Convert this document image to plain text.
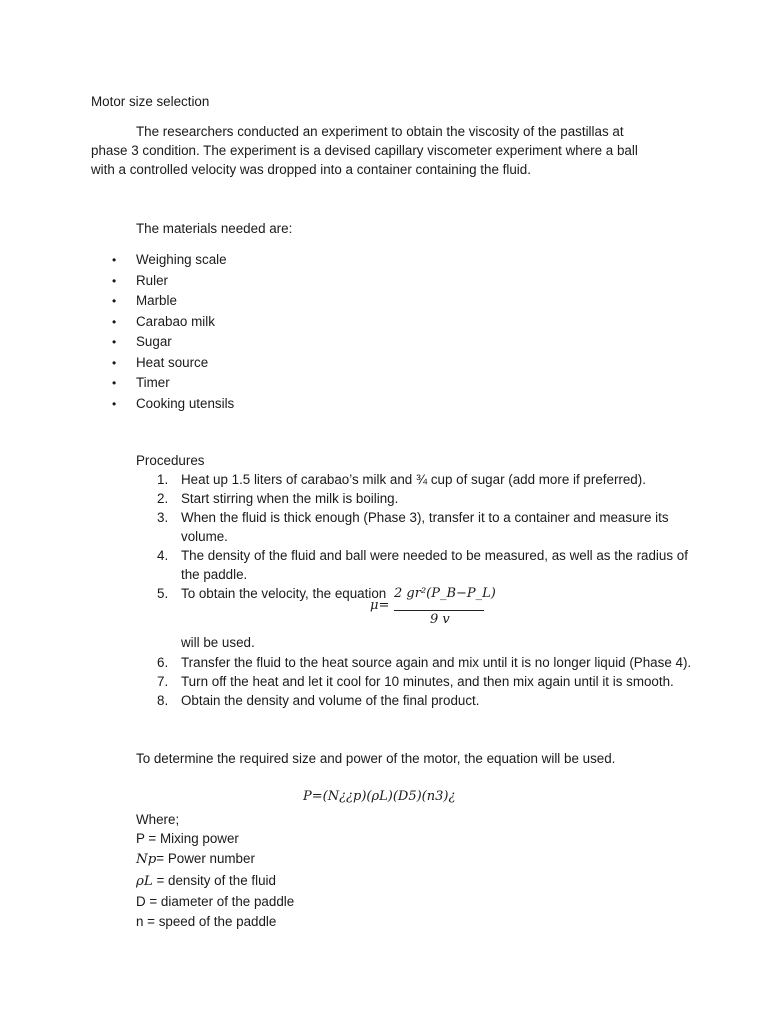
Motor size selection
The researchers conducted an experiment to obtain the viscosity of the pastillas at phase 3 condition. The experiment is a devised capillary viscometer experiment where a ball with a controlled velocity was dropped into a container containing the fluid.
The materials needed are:
• Weighing scale
• Ruler
• Marble
• Carabao milk
• Sugar
• Heat source
• Timer
• Cooking utensils
Procedures
1. Heat up 1.5 liters of carabao’s milk and ¾ cup of sugar (add more if preferred).
2. Start stirring when the milk is boiling.
3. When the fluid is thick enough (Phase 3), transfer it to a container and measure its volume.
4. The density of the fluid and ball were needed to be measured, as well as the radius of the paddle.
5. To obtain the velocity, the equation
μ=
2 gr²(P_B−P_L)
9 v
will be used.
6. Transfer the fluid to the heat source again and mix until it is no longer liquid (Phase 4).
7. Turn off the heat and let it cool for 10 minutes, and then mix again until it is smooth.
8. Obtain the density and volume of the final product.
To determine the required size and power of the motor, the equation will be used.
P=(N¿¿p)(ρL)(D5)(n3)¿
Where;
P = Mixing power
Np= Power number
ρL = density of the fluid
D = diameter of the paddle
n = speed of the paddle
